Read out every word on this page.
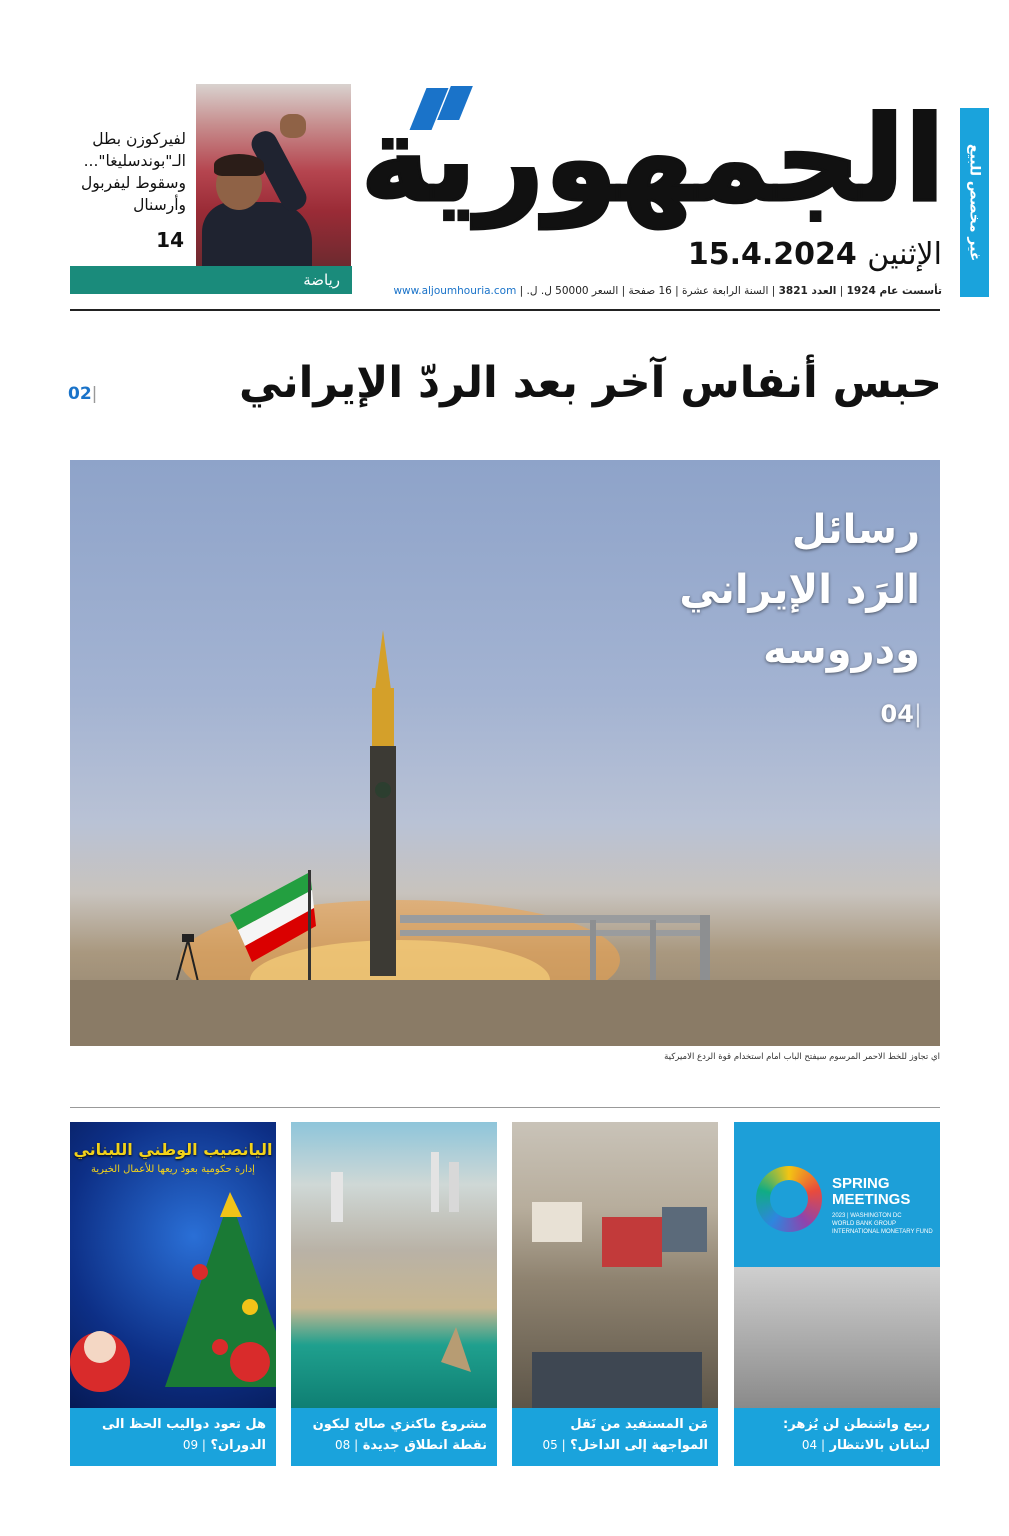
غير مخصص للبيع
الجمهورية
الإثنين 15.4.2024
تأسست عام 1924 | العدد 3821 | السنة الرابعة عشرة | 16 صفحة | السعر 50000 ل. ل. | www.aljoumhouria.com
لفيركوزن بطل الـ"بوندسليغا"... وسقوط ليفربول وأرسنال
14
رياضة
حبس أنفاس آخر بعد الردّ الإيراني
02|
رسائل
الرَد الإيراني
ودروسه
04|
اي تجاوز للخط الاحمر المرسوم سيفتح الباب امام استخدام قوة الردع الاميركية
SPRING MEETINGS
2023 | WASHINGTON DC
WORLD BANK GROUP INTERNATIONAL MONETARY FUND
ربيع واشنطن لن يُزهر: لبنانان بالانتظار | 04
مَن المستفيد من نَقل المواجهة إلى الداخل؟ | 05
مشروع ماكنزي صالح ليكون نقطة انطلاق جديدة | 08
اليانصيب الوطني اللبناني
إدارة حكومية بعود ريعها للأعمال الخيرية
هل تعود دواليب الحظ الى الدوران؟ | 09
